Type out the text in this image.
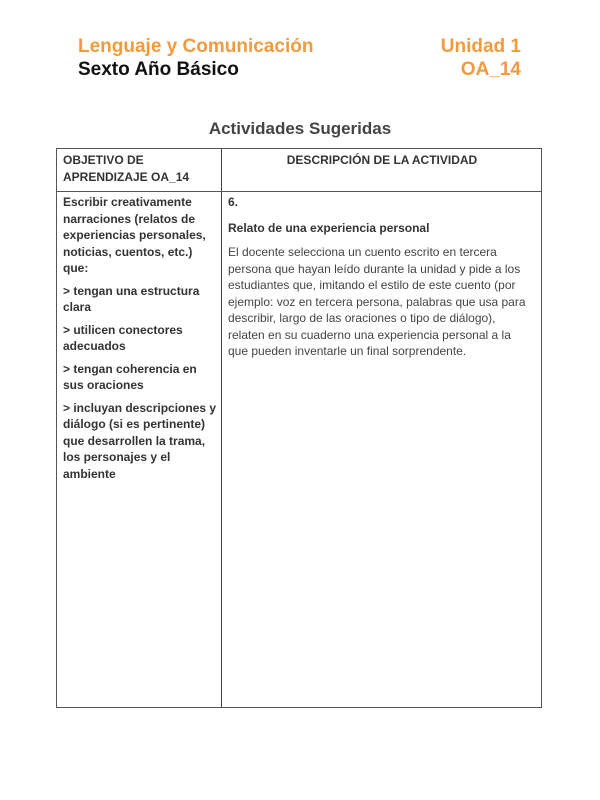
Lenguaje y Comunicación
Sexto Año Básico
Unidad 1
OA_14
Actividades Sugeridas
OBJETIVO DE APRENDIZAJE OA_14
DESCRIPCIÓN DE LA ACTIVIDAD

Escribir creativamente narraciones (relatos de experiencias personales, noticias, cuentos, etc.) que:

> tengan una estructura clara

> utilicen conectores adecuados

> tengan coherencia en sus oraciones

> incluyan descripciones y diálogo (si es pertinente) que desarrollen la trama, los personajes y el ambiente

6.

Relato de una experiencia personal

El docente selecciona un cuento escrito en tercera persona que hayan leído durante la unidad y pide a los estudiantes que, imitando el estilo de este cuento (por ejemplo: voz en tercera persona, palabras que usa para describir, largo de las oraciones o tipo de diálogo), relaten en su cuaderno una experiencia personal a la que pueden inventarle un final sorprendente.
